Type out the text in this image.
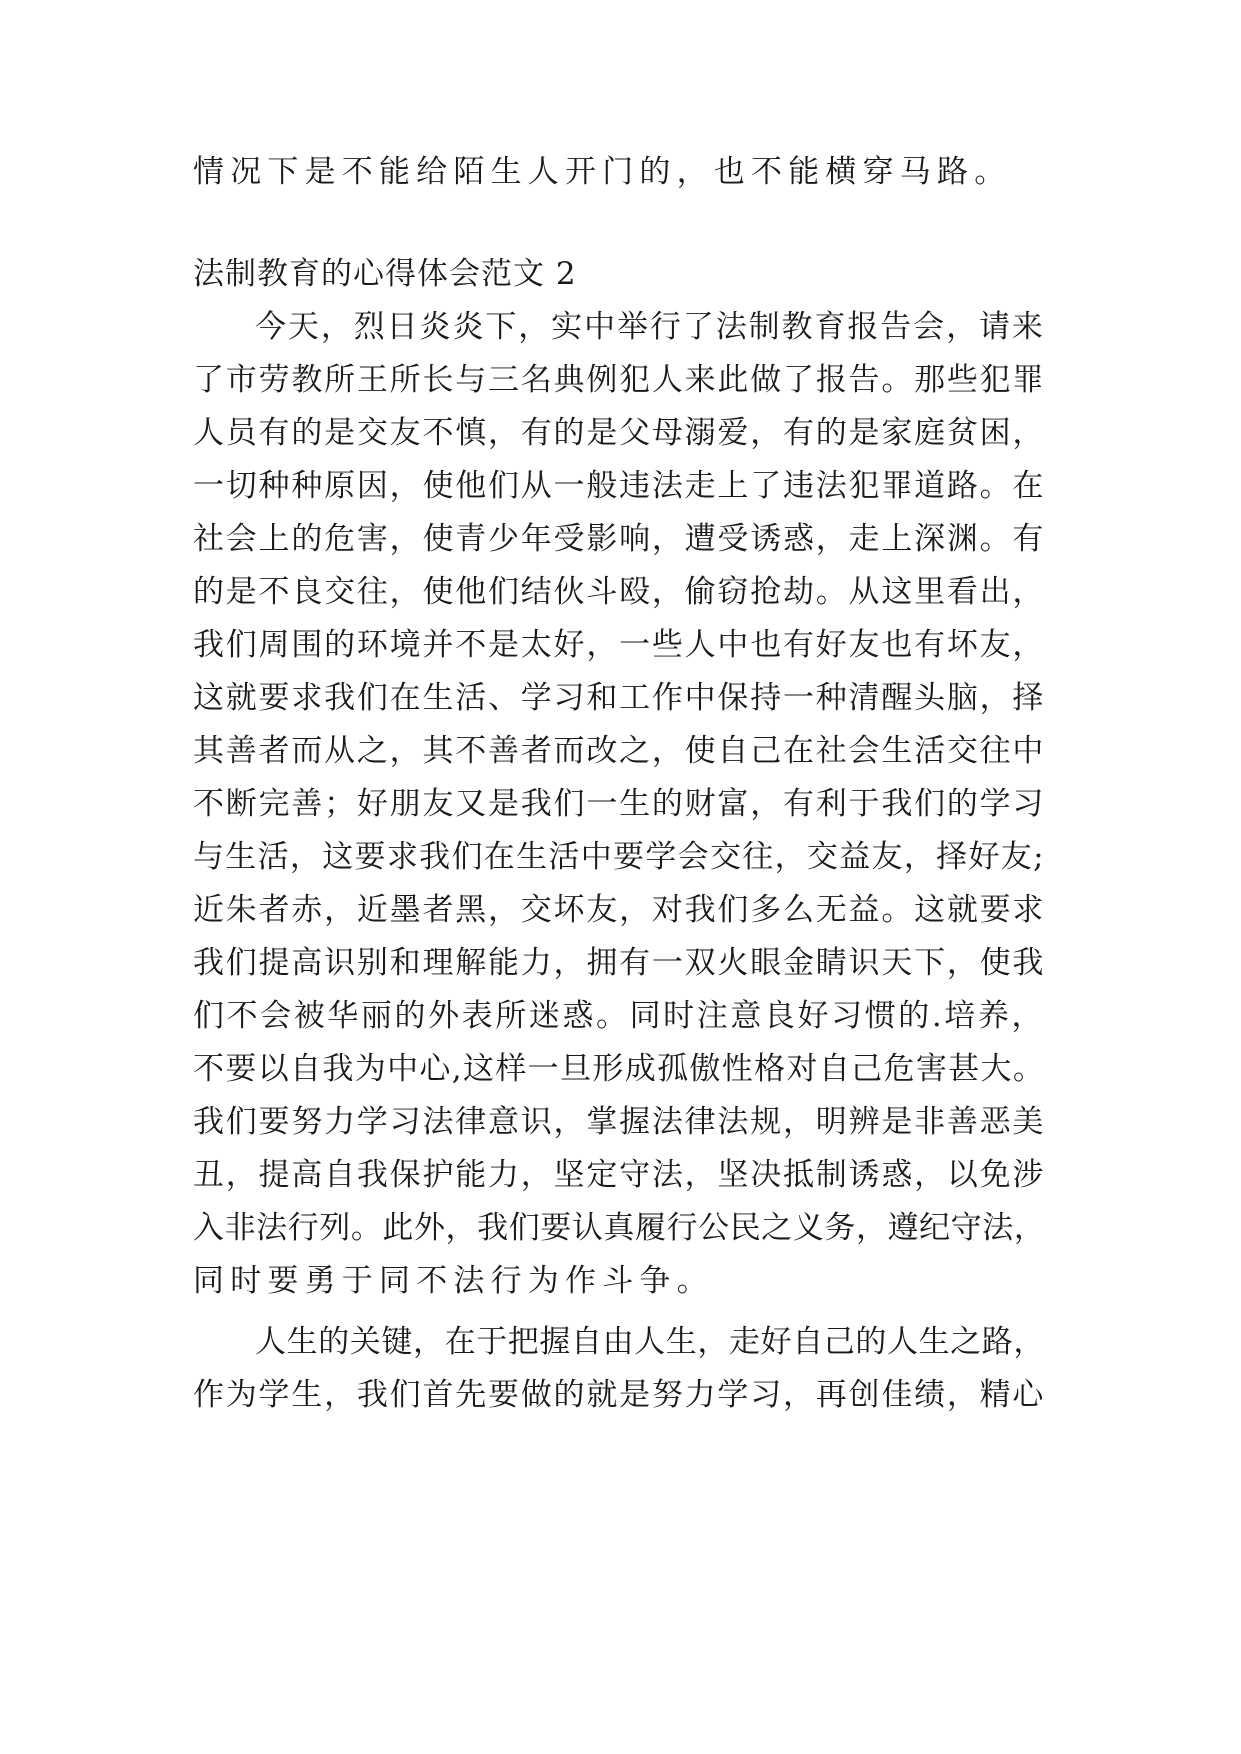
情况下是不能给陌生人开门的，也不能横穿马路。
法制教育的心得体会范文 2
今天，烈日炎炎下，实中举行了法制教育报告会，请来
了市劳教所王所长与三名典例犯人来此做了报告。那些犯罪
人员有的是交友不慎，有的是父母溺爱，有的是家庭贫困，
一切种种原因，使他们从一般违法走上了违法犯罪道路。在
社会上的危害，使青少年受影响，遭受诱惑，走上深渊。有
的是不良交往，使他们结伙斗殴，偷窃抢劫。从这里看出，
我们周围的环境并不是太好，一些人中也有好友也有坏友，
这就要求我们在生活、学习和工作中保持一种清醒头脑，择
其善者而从之，其不善者而改之，使自己在社会生活交往中
不断完善；好朋友又是我们一生的财富，有利于我们的学习
与生活，这要求我们在生活中要学会交往，交益友，择好友;
近朱者赤，近墨者黑，交坏友，对我们多么无益。这就要求
我们提高识别和理解能力，拥有一双火眼金睛识天下，使我
们不会被华丽的外表所迷惑。同时注意良好习惯的.培养，
不要以自我为中心,这样一旦形成孤傲性格对自己危害甚大。
我们要努力学习法律意识，掌握法律法规，明辨是非善恶美
丑，提高自我保护能力，坚定守法，坚决抵制诱惑，以免涉
入非法行列。此外，我们要认真履行公民之义务，遵纪守法，
同时要勇于同不法行为作斗争。
人生的关键，在于把握自由人生，走好自己的人生之路，
作为学生，我们首先要做的就是努力学习，再创佳绩，精心
